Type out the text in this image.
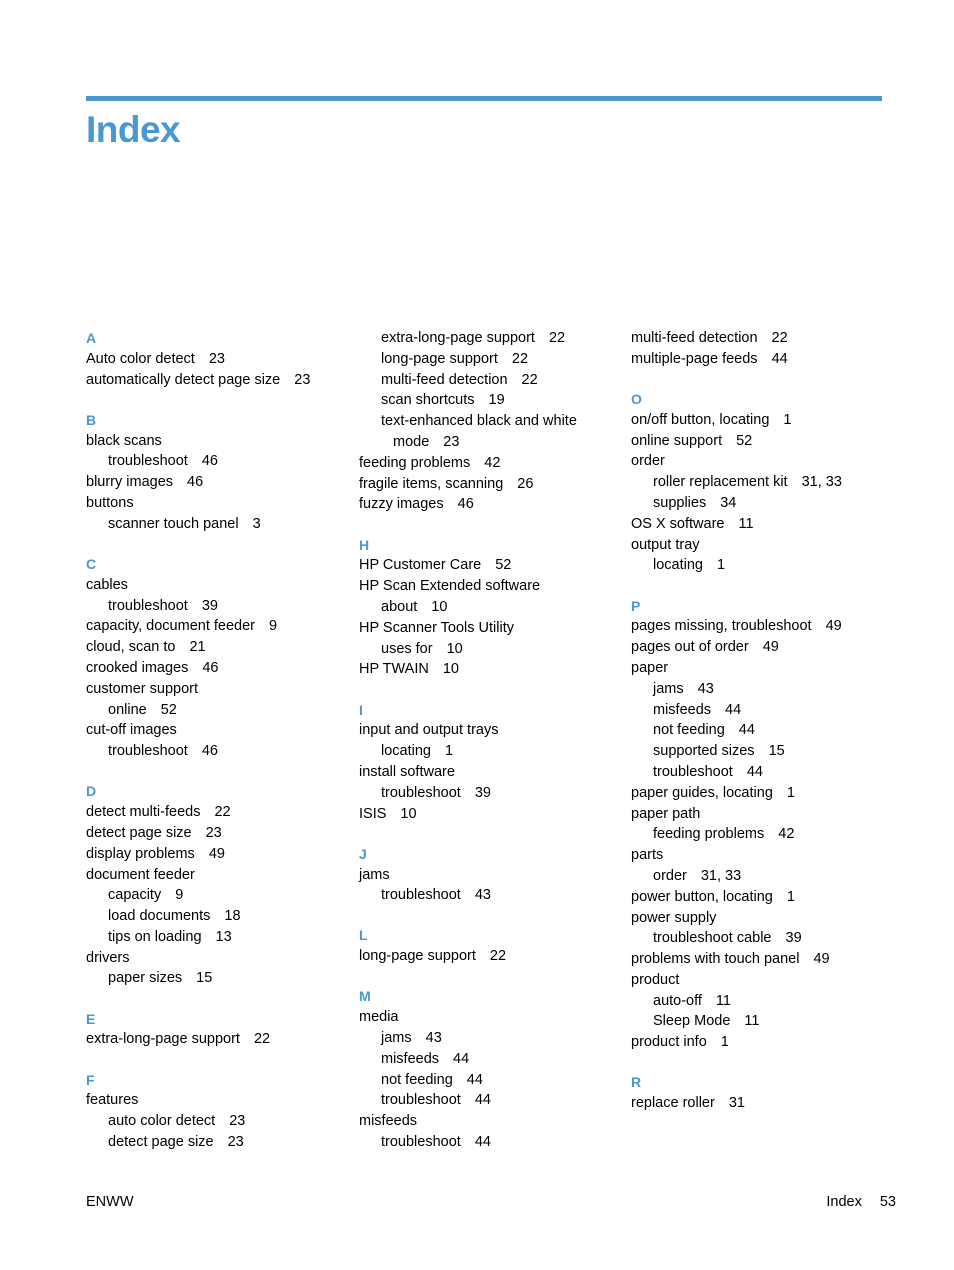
Index
A
Auto color detect 23
automatically detect page size 23
B
black scans
troubleshoot 46
blurry images 46
buttons
scanner touch panel 3
C
cables
troubleshoot 39
capacity, document feeder 9
cloud, scan to 21
crooked images 46
customer support
online 52
cut-off images
troubleshoot 46
D
detect multi-feeds 22
detect page size 23
display problems 49
document feeder
capacity 9
load documents 18
tips on loading 13
drivers
paper sizes 15
E
extra-long-page support 22
F
features
auto color detect 23
detect page size 23
extra-long-page support 22
long-page support 22
multi-feed detection 22
scan shortcuts 19
text-enhanced black and white
mode 23
feeding problems 42
fragile items, scanning 26
fuzzy images 46
H
HP Customer Care 52
HP Scan Extended software
about 10
HP Scanner Tools Utility
uses for 10
HP TWAIN 10
I
input and output trays
locating 1
install software
troubleshoot 39
ISIS 10
J
jams
troubleshoot 43
L
long-page support 22
M
media
jams 43
misfeeds 44
not feeding 44
troubleshoot 44
misfeeds
troubleshoot 44
multi-feed detection 22
multiple-page feeds 44
O
on/off button, locating 1
online support 52
order
roller replacement kit 31, 33
supplies 34
OS X software 11
output tray
locating 1
P
pages missing, troubleshoot 49
pages out of order 49
paper
jams 43
misfeeds 44
not feeding 44
supported sizes 15
troubleshoot 44
paper guides, locating 1
paper path
feeding problems 42
parts
order 31, 33
power button, locating 1
power supply
troubleshoot cable 39
problems with touch panel 49
product
auto-off 11
Sleep Mode 11
product info 1
R
replace roller 31
ENWW	Index 53
